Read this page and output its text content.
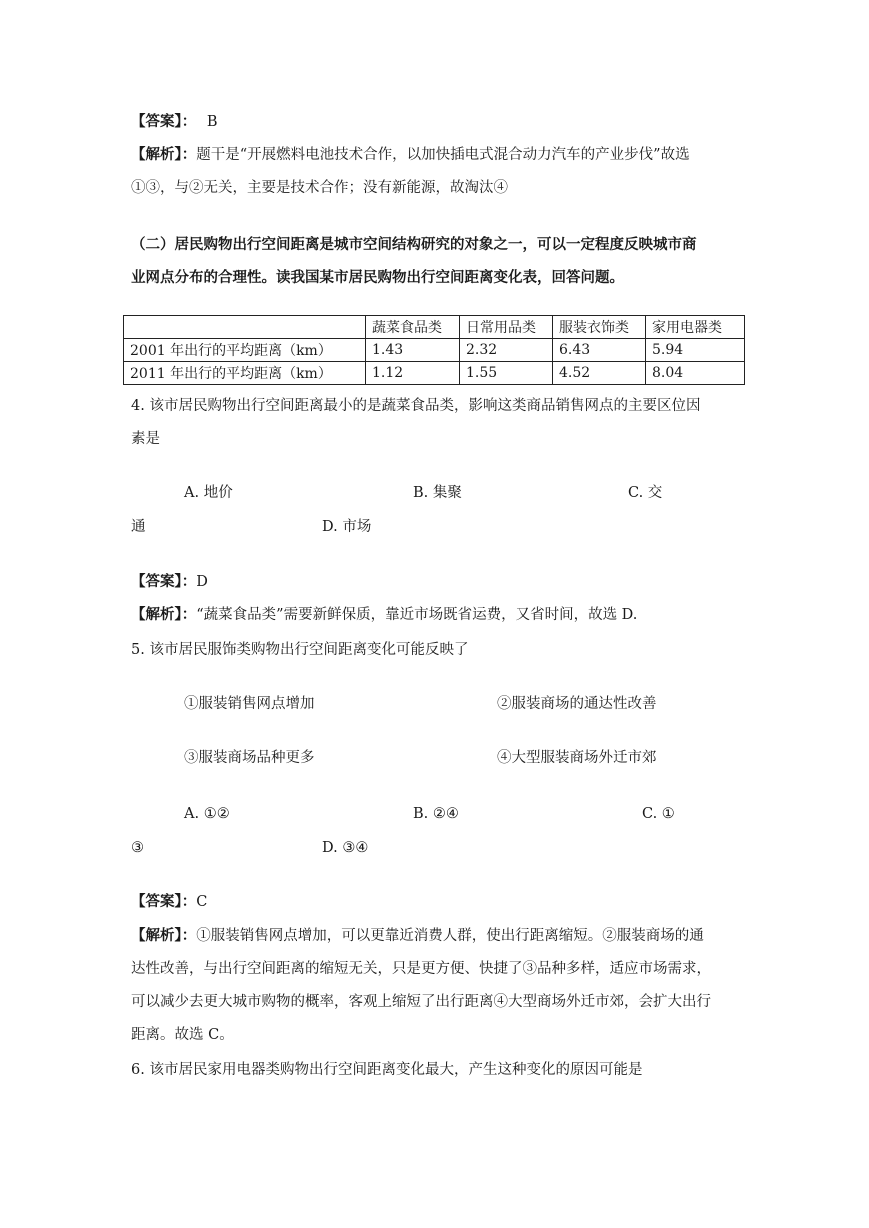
【答案】： B
【解析】：题干是“开展燃料电池技术合作，以加快插电式混合动力汽车的产业步伐”故选
①③，与②无关，主要是技术合作；没有新能源，故淘汰④
（二）居民购物出行空间距离是城市空间结构研究的对象之一，可以一定程度反映城市商
业网点分布的合理性。读我国某市居民购物出行空间距离变化表，回答问题。
	蔬菜食品类	日常用品类	服装衣饰类	家用电器类
2001 年出行的平均距离（km）	1.43	2.32	6.43	5.94
2011 年出行的平均距离（km）	1.12	1.55	4.52	8.04
4. 该市居民购物出行空间距离最小的是蔬菜食品类，影响这类商品销售网点的主要区位因
素是
A. 地价	B. 集聚	C. 交
通	D. 市场
【答案】：D
【解析】：“蔬菜食品类”需要新鲜保质，靠近市场既省运费，又省时间，故选 D.
5. 该市居民服饰类购物出行空间距离变化可能反映了
①服装销售网点增加	②服装商场的通达性改善
③服装商场品种更多	④大型服装商场外迁市郊
A. ①②	B. ②④	C. ①
③	D. ③④
【答案】：C
【解析】：①服装销售网点增加，可以更靠近消费人群，使出行距离缩短。②服装商场的通
达性改善，与出行空间距离的缩短无关，只是更方便、快捷了③品种多样，适应市场需求，
可以减少去更大城市购物的概率，客观上缩短了出行距离④大型商场外迁市郊，会扩大出行
距离。故选 C。
6. 该市居民家用电器类购物出行空间距离变化最大，产生这种变化的原因可能是
